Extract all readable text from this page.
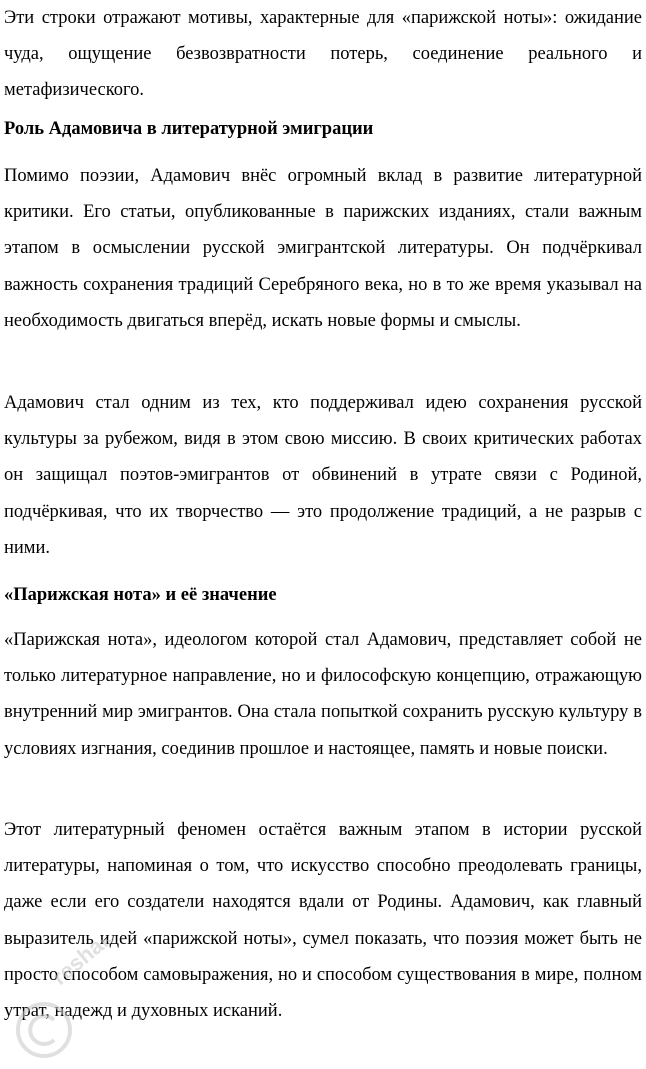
Эти строки отражают мотивы, характерные для «парижской ноты»: ожидание чуда, ощущение безвозвратности потерь, соединение реального и метафизического.

Роль Адамовича в литературной эмиграции

Помимо поэзии, Адамович внёс огромный вклад в развитие литературной критики. Его статьи, опубликованные в парижских изданиях, стали важным этапом в осмыслении русской эмигрантской литературы. Он подчёркивал важность сохранения традиций Серебряного века, но в то же время указывал на необходимость двигаться вперёд, искать новые формы и смыслы.

Адамович стал одним из тех, кто поддерживал идею сохранения русской культуры за рубежом, видя в этом свою миссию. В своих критических работах он защищал поэтов-эмигрантов от обвинений в утрате связи с Родиной, подчёркивая, что их творчество — это продолжение традиций, а не разрыв с ними.

«Парижская нота» и её значение

«Парижская нота», идеологом которой стал Адамович, представляет собой не только литературное направление, но и философскую концепцию, отражающую внутренний мир эмигрантов. Она стала попыткой сохранить русскую культуру в условиях изгнания, соединив прошлое и настоящее, память и новые поиски.

Этот литературный феномен остаётся важным этапом в истории русской литературы, напоминая о том, что искусство способно преодолевать границы, даже если его создатели находятся вдали от Родины. Адамович, как главный выразитель идей «парижской ноты», сумел показать, что поэзия может быть не просто способом самовыражения, но и способом существования в мире, полном утрат, надежд и духовных исканий.

reshak.ru
